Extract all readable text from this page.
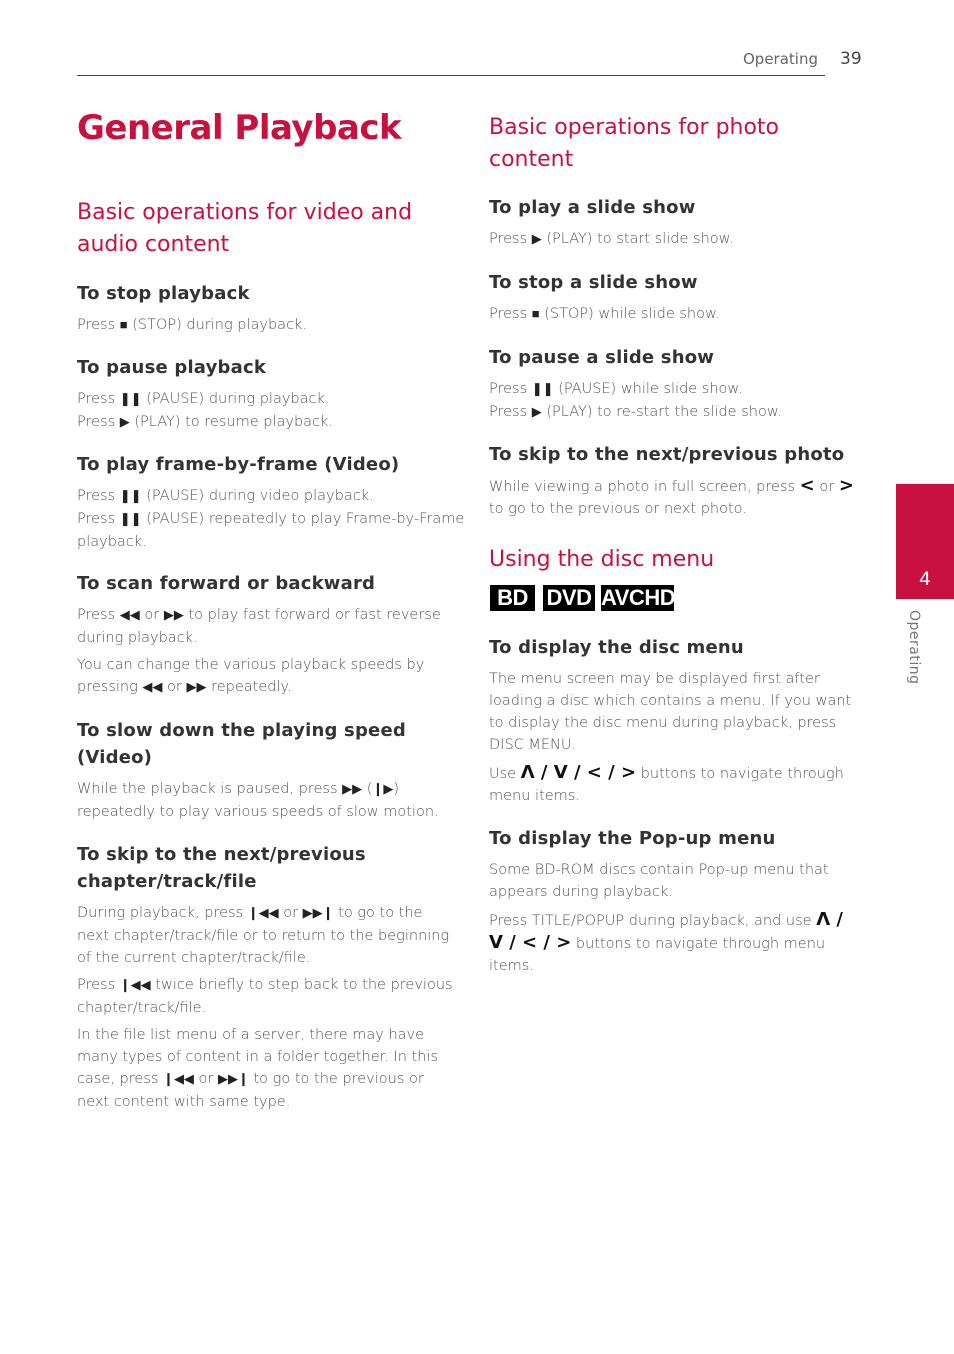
Operating 39
4
Operating
General Playback
Basic operations for video and
audio content
To stop playback

Press ■ (STOP) during playback.

To pause playback

Press ❚❚ (PAUSE) during playback.
Press ▶ (PLAY) to resume playback.

To play frame-by-frame (Video)

Press ❚❚ (PAUSE) during video playback.
Press ❚❚ (PAUSE) repeatedly to play Frame-by-Frame
playback.

To scan forward or backward

Press ◀◀ or ▶▶ to play fast forward or fast reverse
during playback.

You can change the various playback speeds by
pressing ◀◀ or ▶▶ repeatedly.

To slow down the playing speed
(Video)

While the playback is paused, press ▶▶ (❙▶)
repeatedly to play various speeds of slow motion.

To skip to the next/previous
chapter/track/file

During playback, press ❙◀◀ or ▶▶❙ to go to the
next chapter/track/file or to return to the beginning
of the current chapter/track/file.

Press ❙◀◀ twice briefly to step back to the previous
chapter/track/file.

In the file list menu of a server, there may have
many types of content in a folder together. In this
case, press ❙◀◀ or ▶▶❙ to go to the previous or
next content with same type.

Basic operations for photo
content
To play a slide show

Press ▶ (PLAY) to start slide show.

To stop a slide show

Press ■ (STOP) while slide show.

To pause a slide show

Press ❚❚ (PAUSE) while slide show.
Press ▶ (PLAY) to re-start the slide show.

To skip to the next/previous photo

While viewing a photo in full screen, press < or >
to go to the previous or next photo.

Using the disc menu
BD DVD AVCHD
To display the disc menu

The menu screen may be displayed first after
loading a disc which contains a menu. If you want
to display the disc menu during playback, press
DISC MENU.

Use Λ / V / < / > buttons to navigate through
menu items.

To display the Pop-up menu

Some BD-ROM discs contain Pop-up menu that
appears during playback.

Press TITLE/POPUP during playback, and use Λ /
V / < / > buttons to navigate through menu
items.
